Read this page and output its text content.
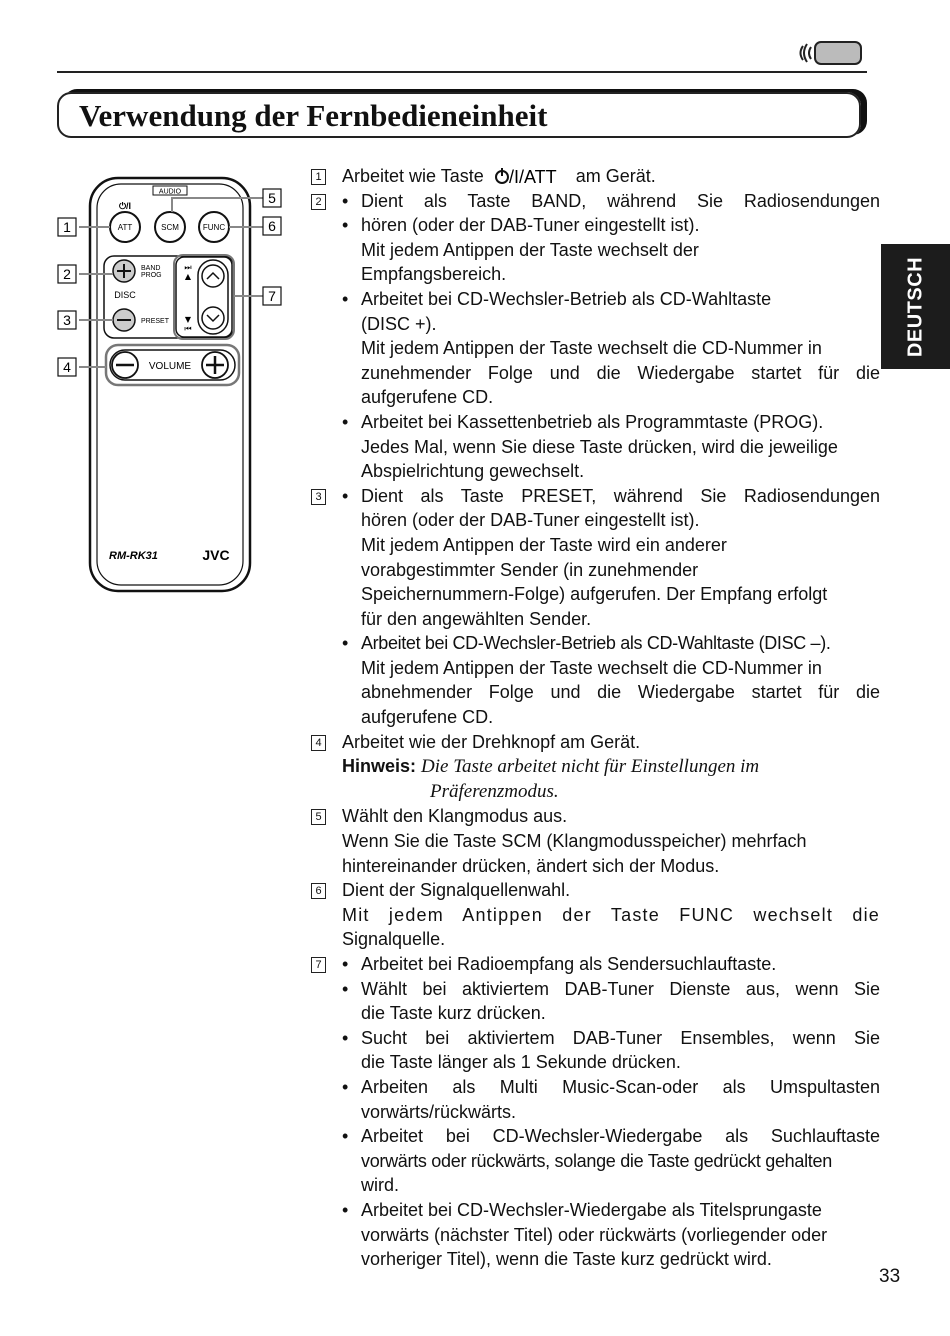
Verwendung der Fernbedieneinheit
DEUTSCH
AUDIO
⏻/I
ATT	SCM	FUNC
BAND
PROG
DISC
PRESET
⏭
▲
▼
⏮
VOLUME
RM-RK31	JVC
1
2
3
4
5
6
7
1 Arbeitet wie Taste /I/ATT am Gerät.
2	• Dient als Taste BAND, während Sie Radiosendungen
• hören (oder der DAB-Tuner eingestellt ist).
Mit jedem Antippen der Taste wechselt der
Empfangsbereich.
• Arbeitet bei CD-Wechsler-Betrieb als CD-Wahltaste
(DISC +).
Mit jedem Antippen der Taste wechselt die CD-Nummer in
zunehmender Folge und die Wiedergabe startet für die
aufgerufene CD.
• Arbeitet bei Kassettenbetrieb als Programmtaste (PROG).
Jedes Mal, wenn Sie diese Taste drücken, wird die jeweilige
Abspielrichtung gewechselt.
3	• Dient als Taste PRESET, während Sie Radiosendungen
hören (oder der DAB-Tuner eingestellt ist).
Mit jedem Antippen der Taste wird ein anderer
vorabgestimmter Sender (in zunehmender
Speichernummern-Folge) aufgerufen. Der Empfang erfolgt
für den angewählten Sender.
• Arbeitet bei CD-Wechsler-Betrieb als CD-Wahltaste (DISC –).
Mit jedem Antippen der Taste wechselt die CD-Nummer in
abnehmender Folge und die Wiedergabe startet für die
aufgerufene CD.
4 Arbeitet wie der Drehknopf am Gerät.
Hinweis: Die Taste arbeitet nicht für Einstellungen im
Präferenzmodus.
5 Wählt den Klangmodus aus.
Wenn Sie die Taste SCM (Klangmodusspeicher) mehrfach
hintereinander drücken, ändert sich der Modus.
6 Dient der Signalquellenwahl.
Mit jedem Antippen der Taste FUNC wechselt die
Signalquelle.
7	• Arbeitet bei Radioempfang als Sendersuchlauftaste.
• Wählt bei aktiviertem DAB-Tuner Dienste aus, wenn Sie
die Taste kurz drücken.
• Sucht bei aktiviertem DAB-Tuner Ensembles, wenn Sie
die Taste länger als 1 Sekunde drücken.
• Arbeiten als Multi Music-Scan-oder als Umspultasten
vorwärts/rückwärts.
• Arbeitet bei CD-Wechsler-Wiedergabe als Suchlauftaste
vorwärts oder rückwärts, solange die Taste gedrückt gehalten
wird.
• Arbeitet bei CD-Wechsler-Wiedergabe als Titelsprungaste
vorwärts (nächster Titel) oder rückwärts (vorliegender oder
vorheriger Titel), wenn die Taste kurz gedrückt wird.
33
